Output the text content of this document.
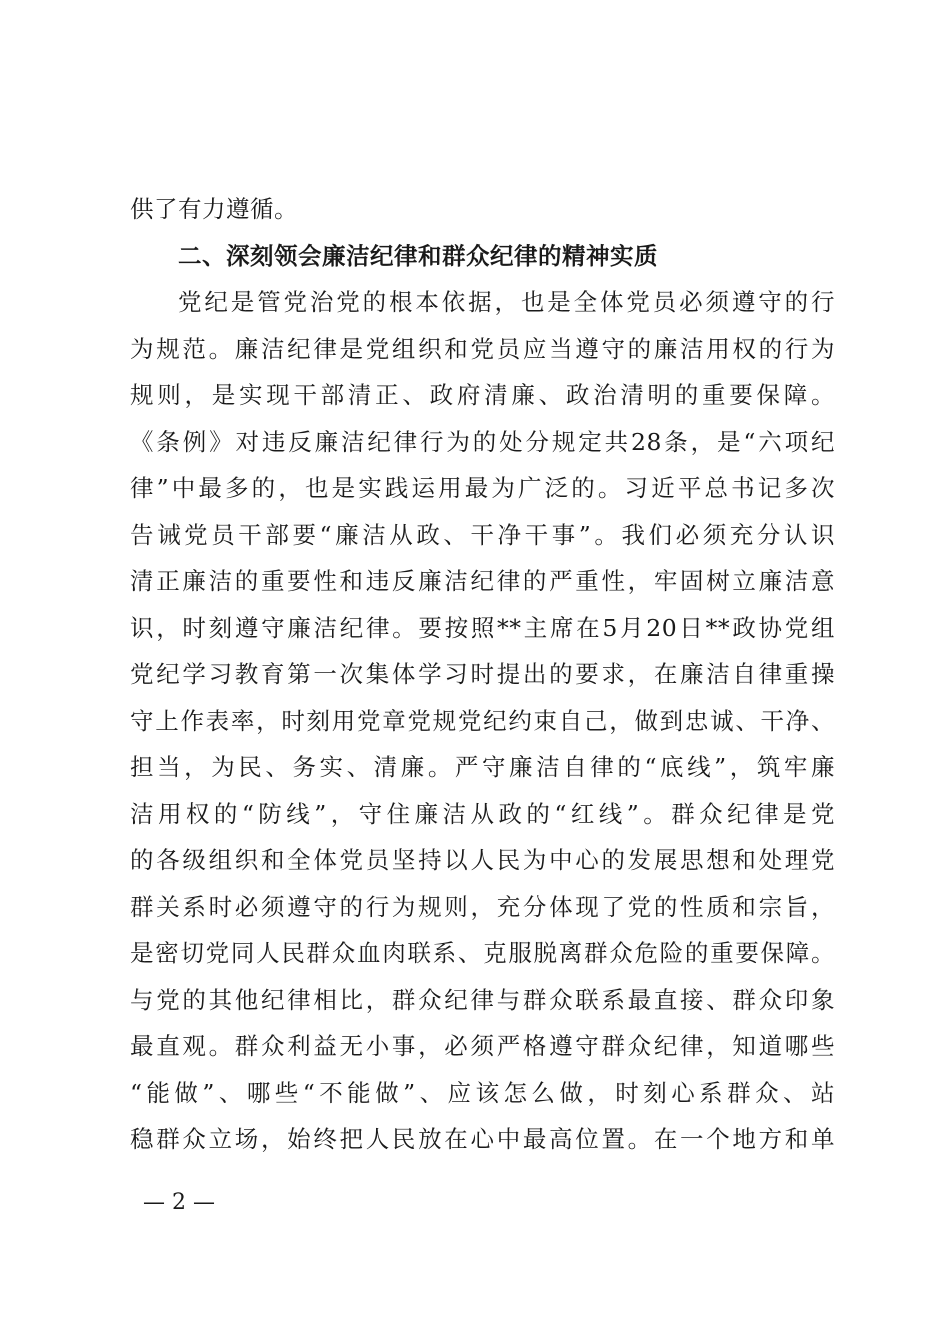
供了有力遵循。
二、深刻领会廉洁纪律和群众纪律的精神实质
党纪是管党治党的根本依据，也是全体党员必须遵守的行
为规范。廉洁纪律是党组织和党员应当遵守的廉洁用权的行为
规则，是实现干部清正、政府清廉、政治清明的重要保障。
《条例》对违反廉洁纪律行为的处分规定共28条，是“六项纪
律”中最多的，也是实践运用最为广泛的。习近平总书记多次
告诫党员干部要“廉洁从政、干净干事”。我们必须充分认识
清正廉洁的重要性和违反廉洁纪律的严重性，牢固树立廉洁意
识，时刻遵守廉洁纪律。要按照**主席在5月20日**政协党组
党纪学习教育第一次集体学习时提出的要求，在廉洁自律重操
守上作表率，时刻用党章党规党纪约束自己，做到忠诚、干净、
担当，为民、务实、清廉。严守廉洁自律的“底线”，筑牢廉
洁用权的“防线”，守住廉洁从政的“红线”。群众纪律是党
的各级组织和全体党员坚持以人民为中心的发展思想和处理党
群关系时必须遵守的行为规则，充分体现了党的性质和宗旨，
是密切党同人民群众血肉联系、克服脱离群众危险的重要保障。
与党的其他纪律相比，群众纪律与群众联系最直接、群众印象
最直观。群众利益无小事，必须严格遵守群众纪律，知道哪些
“能做”、哪些“不能做”、应该怎么做，时刻心系群众、站
稳群众立场，始终把人民放在心中最高位置。在一个地方和单
— 2 —
